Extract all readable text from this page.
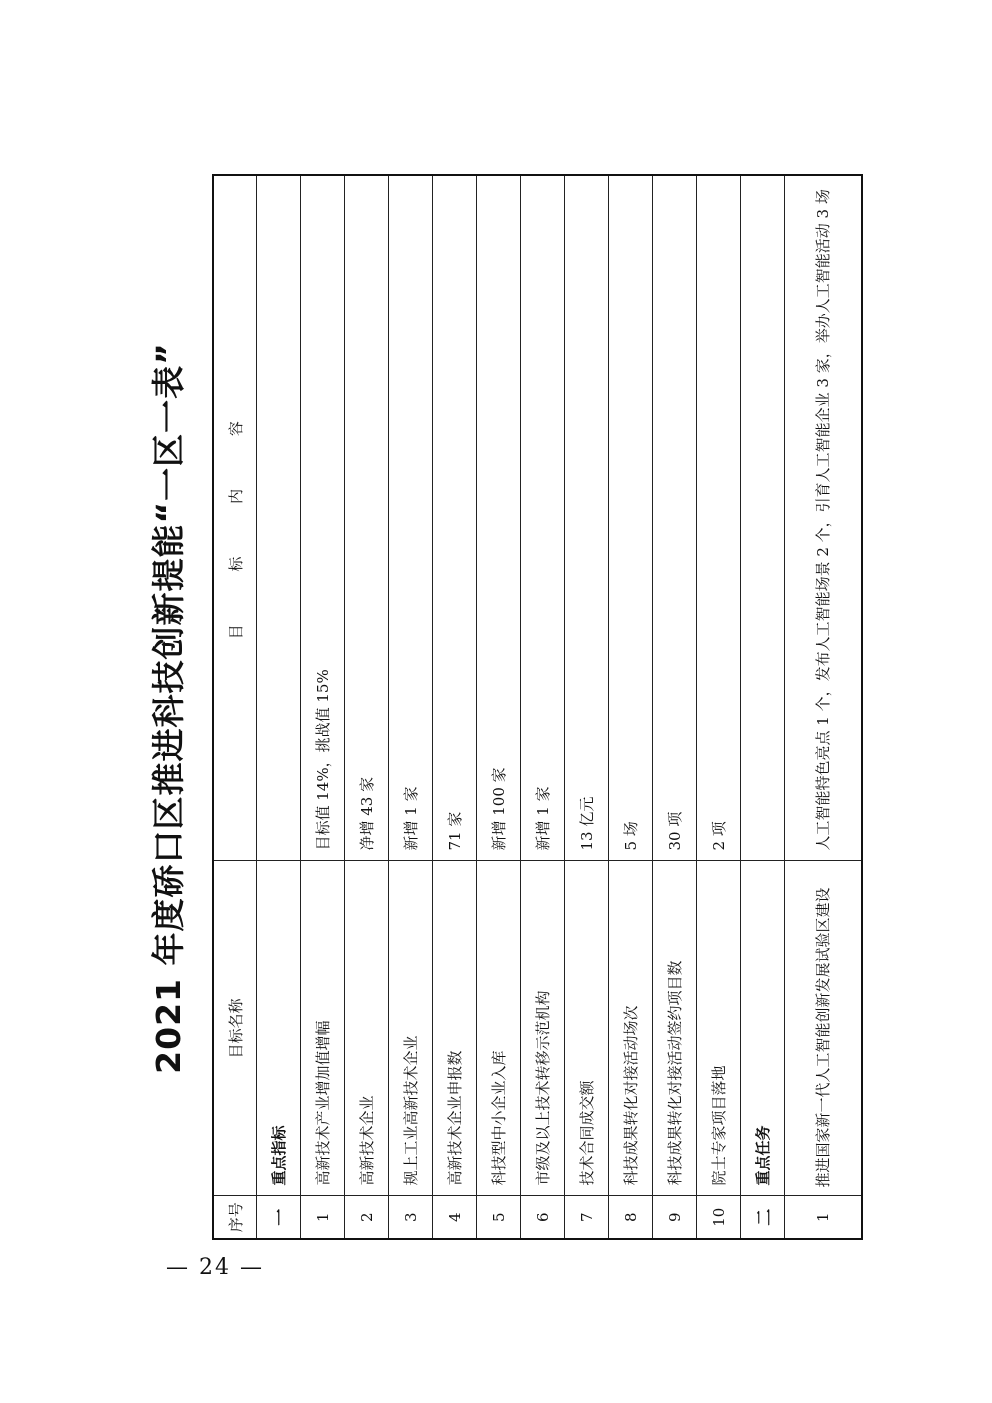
— 24 —
2021 年度硚口区推进科技创新提能“一区一表”
序号	目标名称	目 标 内 容
一	重点指标	
1	高新技术产业增加值增幅	目标值 14%，挑战值 15%
2	高新技术企业	净增 43 家
3	规上工业高新技术企业	新增 1 家
4	高新技术企业申报数	71 家
5	科技型中小企业入库	新增 100 家
6	市级及以上技术转移示范机构	新增 1 家
7	技术合同成交额	13 亿元
8	科技成果转化对接活动场次	5 场
9	科技成果转化对接活动签约项目数	30 项
10	院士专家项目落地	2 项
二	重点任务	
1	推进国家新一代人工智能创新发展试验区建设	人工智能特色亮点 1 个，发布人工智能场景 2 个，引育人工智能企业 3 家，举办人工智能活动 3 场
